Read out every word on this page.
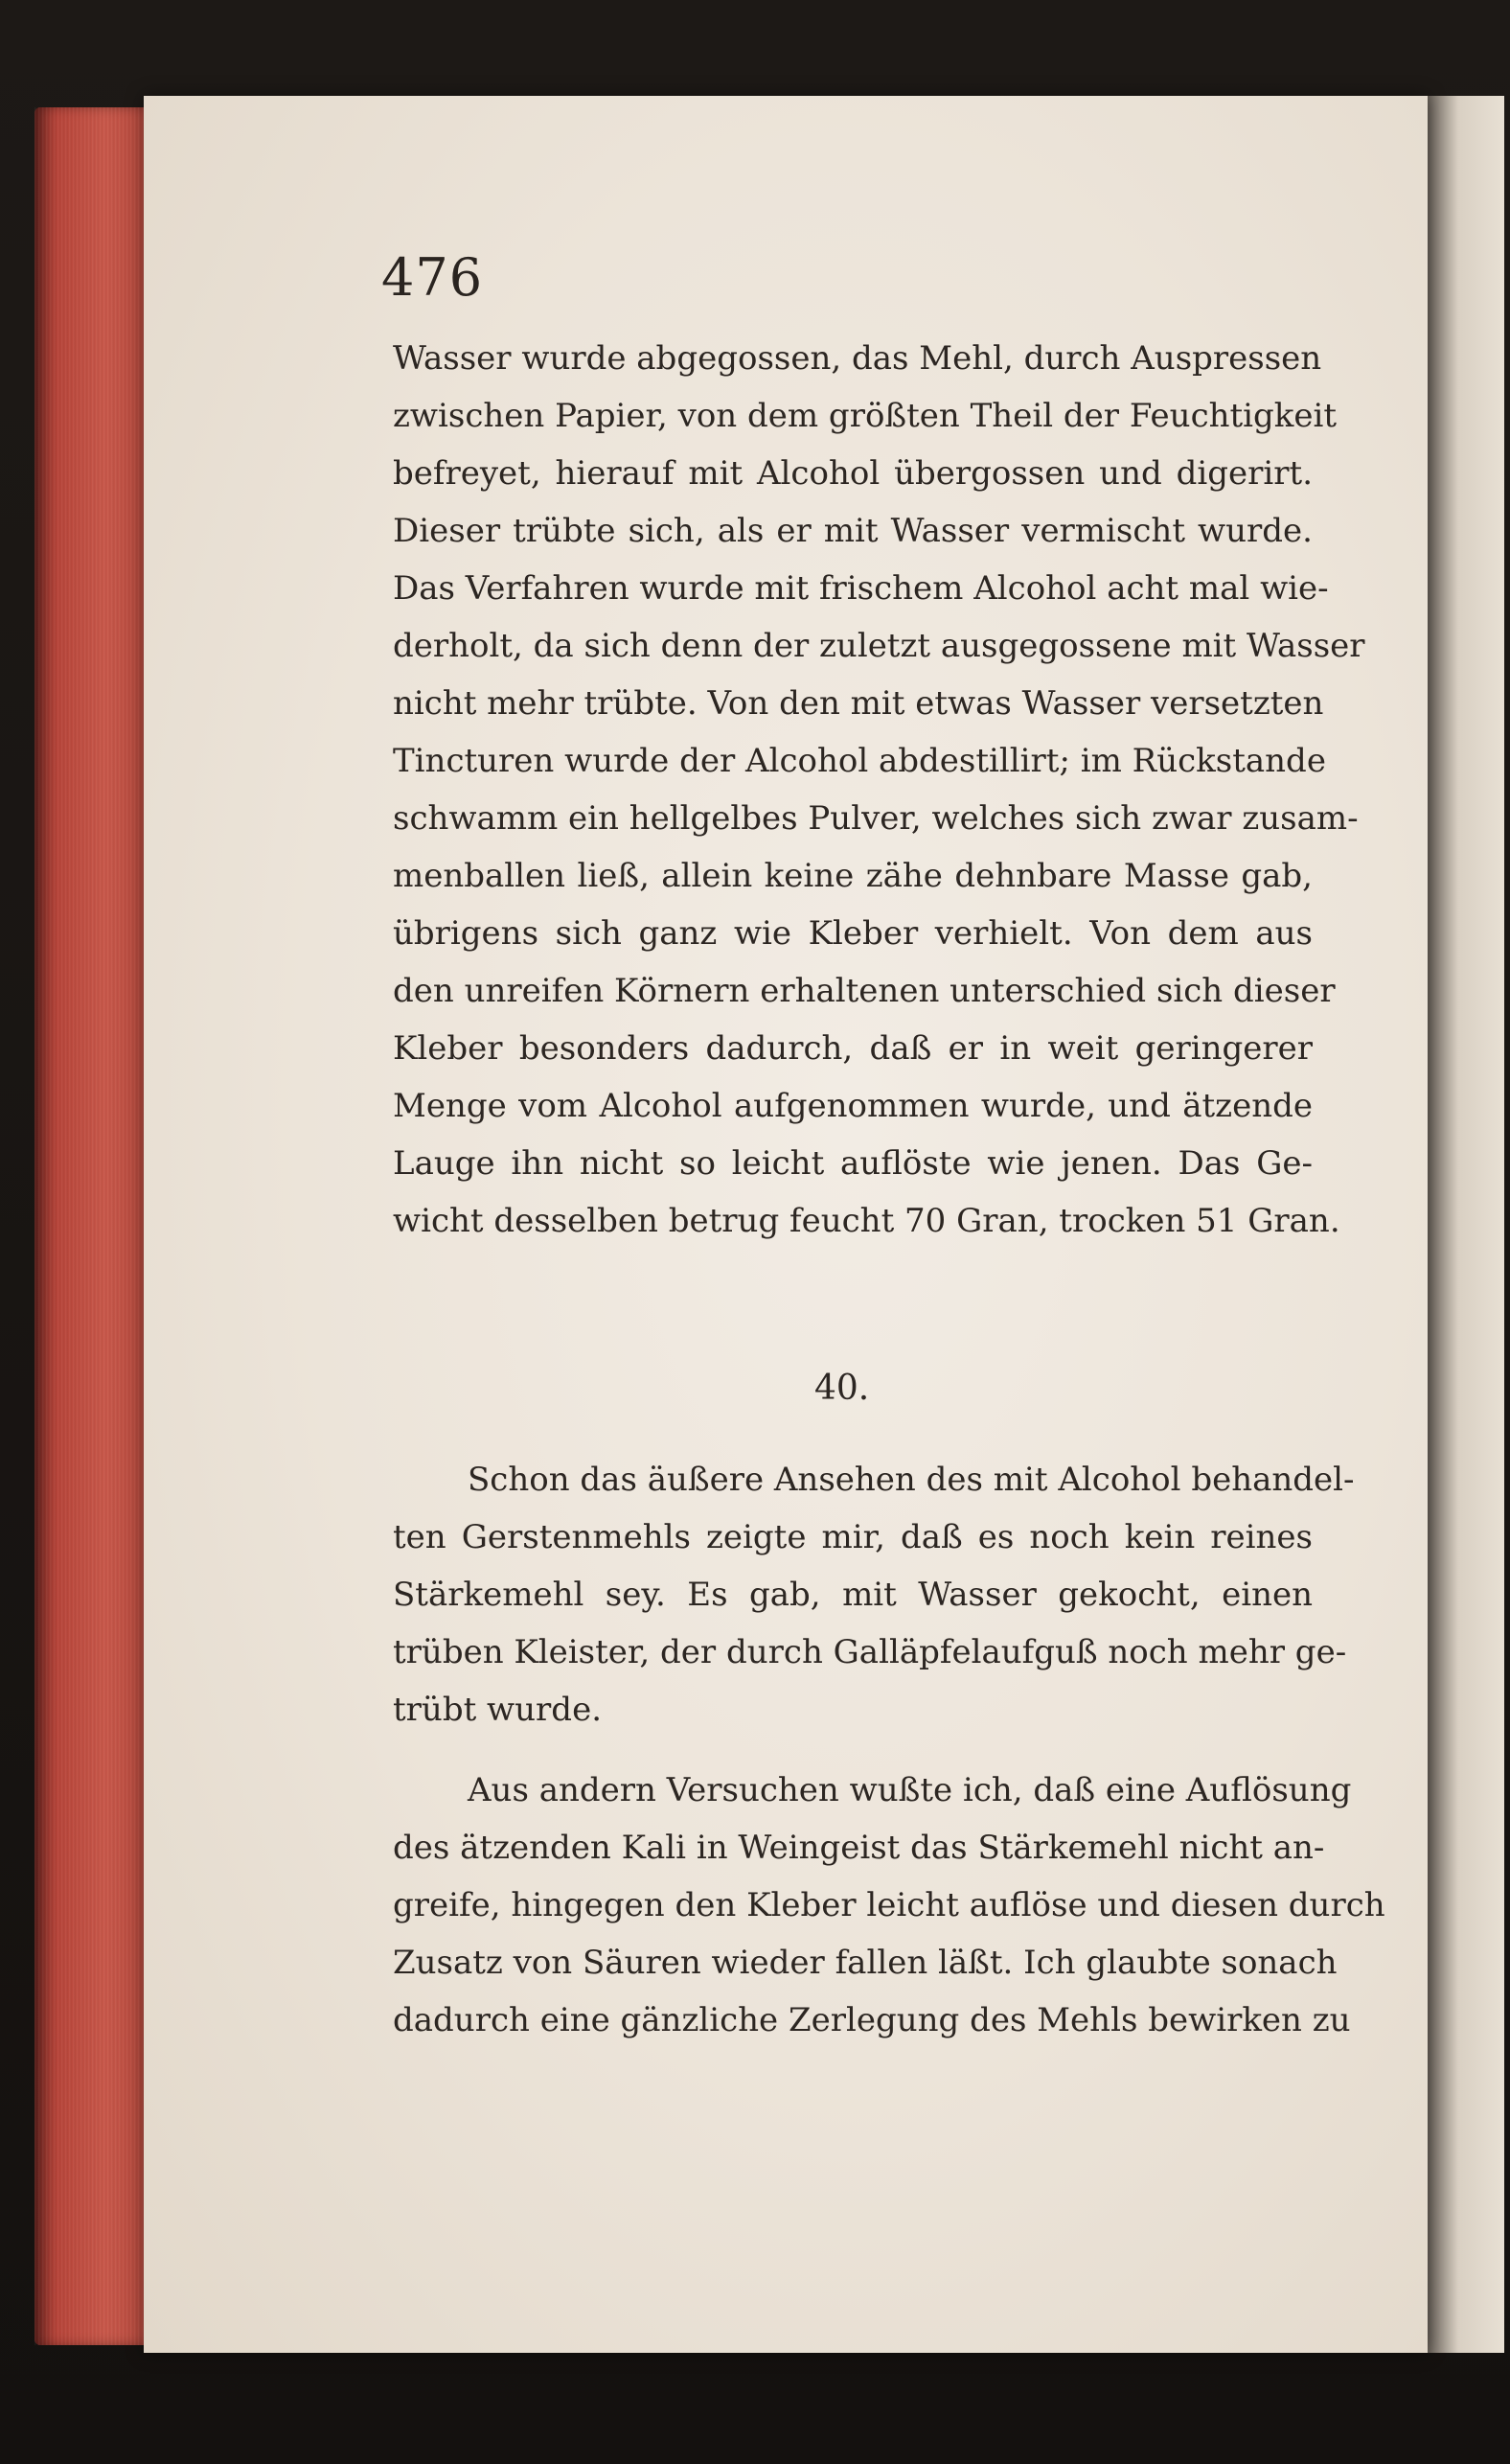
476
Wasser wurde abgegossen, das Mehl, durch Auspressen
zwischen Papier, von dem größten Theil der Feuchtigkeit
befreyet, hierauf mit Alcohol übergossen und digerirt.
Dieser trübte sich, als er mit Wasser vermischt wurde.
Das Verfahren wurde mit frischem Alcohol acht mal wie-
derholt, da sich denn der zuletzt ausgegossene mit Wasser
nicht mehr trübte. Von den mit etwas Wasser versetzten
Tincturen wurde der Alcohol abdestillirt; im Rückstande
schwamm ein hellgelbes Pulver, welches sich zwar zusam-
menballen ließ, allein keine zähe dehnbare Masse gab,
übrigens sich ganz wie Kleber verhielt. Von dem aus
den unreifen Körnern erhaltenen unterschied sich dieser
Kleber besonders dadurch, daß er in weit geringerer
Menge vom Alcohol aufgenommen wurde, und ätzende
Lauge ihn nicht so leicht auflöste wie jenen. Das Ge-
wicht desselben betrug feucht 70 Gran, trocken 51 Gran.
40.
Schon das äußere Ansehen des mit Alcohol behandel-
ten Gerstenmehls zeigte mir, daß es noch kein reines
Stärkemehl sey. Es gab, mit Wasser gekocht, einen
trüben Kleister, der durch Galläpfelaufguß noch mehr ge-
trübt wurde.
Aus andern Versuchen wußte ich, daß eine Auflösung
des ätzenden Kali in Weingeist das Stärkemehl nicht an-
greife, hingegen den Kleber leicht auflöse und diesen durch
Zusatz von Säuren wieder fallen läßt. Ich glaubte sonach
dadurch eine gänzliche Zerlegung des Mehls bewirken zu
